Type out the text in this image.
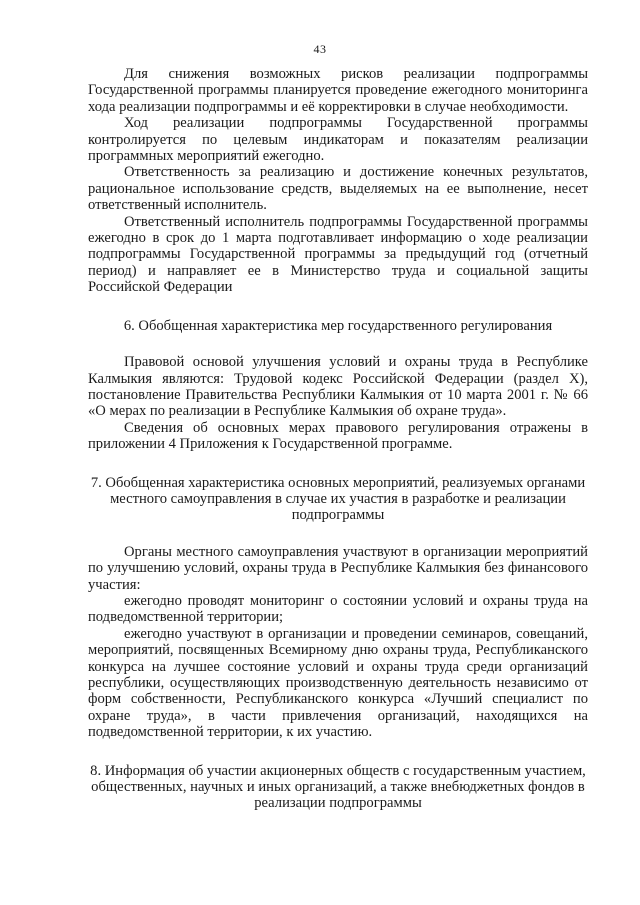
43

Для снижения возможных рисков реализации подпрограммы Государственной программы планируется проведение ежегодного мониторинга хода реализации подпрограммы и её корректировки в случае необходимости.

Ход реализации подпрограммы Государственной программы контролируется по целевым индикаторам и показателям реализации программных мероприятий ежегодно.

Ответственность за реализацию и достижение конечных результатов, рациональное использование средств, выделяемых на ее выполнение, несет ответственный исполнитель.

Ответственный исполнитель подпрограммы Государственной программы ежегодно в срок до 1 марта подготавливает информацию о ходе реализации подпрограммы Государственной программы за предыдущий год (отчетный период) и направляет ее в Министерство труда и социальной защиты Российской Федерации

6. Обобщенная характеристика мер государственного регулирования

Правовой основой улучшения условий и охраны труда в Республике Калмыкия являются: Трудовой кодекс Российской Федерации (раздел X), постановление Правительства Республики Калмыкия от 10 марта 2001 г. № 66 «О мерах по реализации в Республике Калмыкия об охране труда».

Сведения об основных мерах правового регулирования отражены в приложении 4 Приложения к Государственной программе.

7. Обобщенная характеристика основных мероприятий, реализуемых органами местного самоуправления в случае их участия в разработке и реализации подпрограммы

Органы местного самоуправления участвуют в организации мероприятий по улучшению условий, охраны труда в Республике Калмыкия без финансового участия:

ежегодно проводят мониторинг о состоянии условий и охраны труда на подведомственной территории;

ежегодно участвуют в организации и проведении семинаров, совещаний, мероприятий, посвященных Всемирному дню охраны труда, Республиканского конкурса на лучшее состояние условий и охраны труда среди организаций республики, осуществляющих производственную деятельность независимо от форм собственности, Республиканского конкурса «Лучший специалист по охране труда», в части привлечения организаций, находящихся на подведомственной территории, к их участию.

8. Информация об участии акционерных обществ с государственным участием, общественных, научных и иных организаций, а также внебюджетных фондов в реализации подпрограммы
